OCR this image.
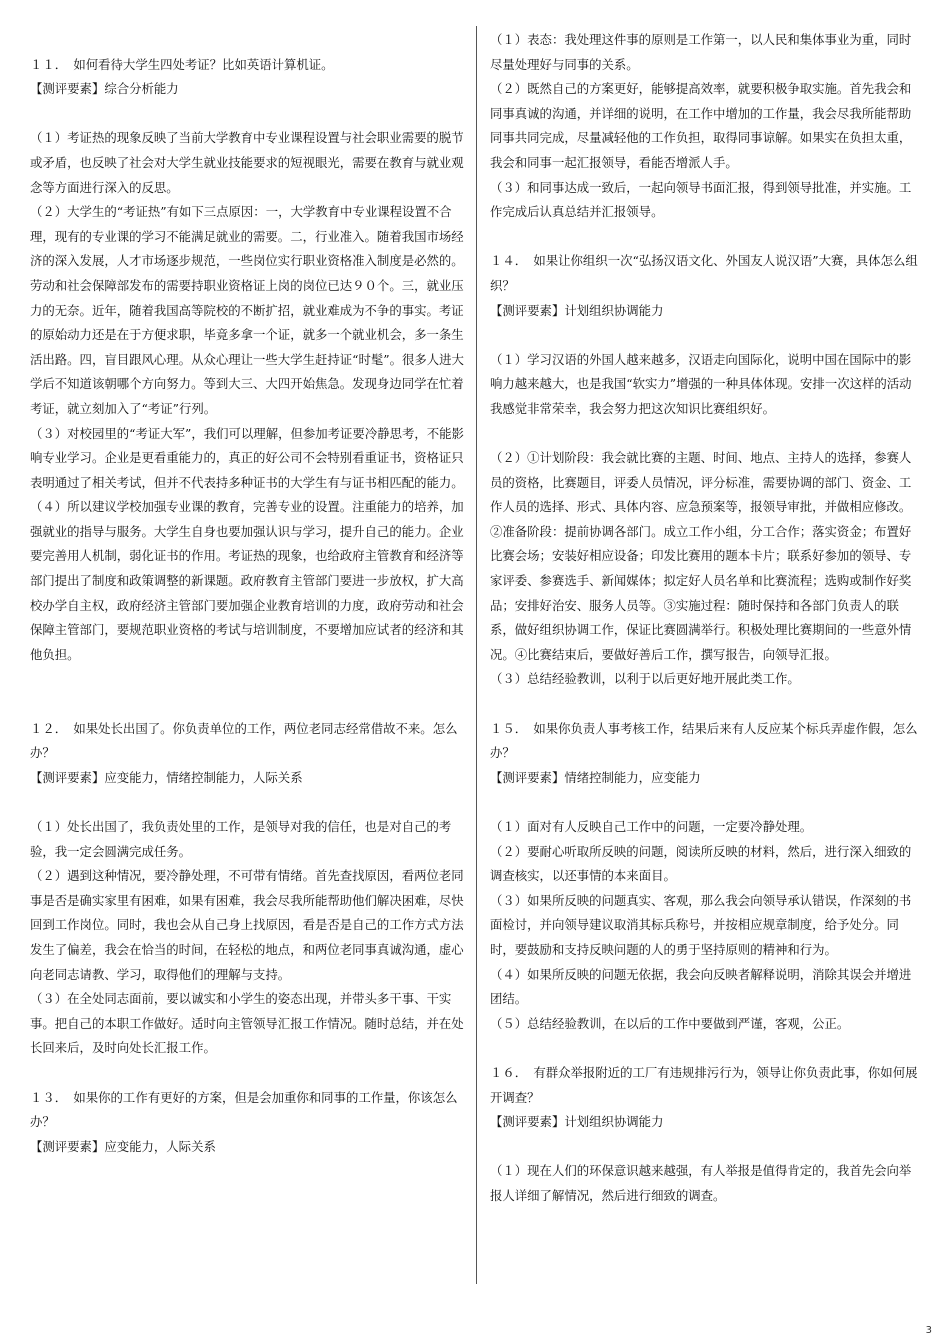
１１．　如何看待大学生四处考证？比如英语计算机证。

【测评要素】综合分析能力

（１）考证热的现象反映了当前大学教育中专业课程设置与社会职业需要的脱节或矛盾，也反映了社会对大学生就业技能要求的短视眼光，需要在教育与就业观念等方面进行深入的反思。

（２）大学生的“考证热”有如下三点原因：一，大学教育中专业课程设置不合理，现有的专业课的学习不能满足就业的需要。二，行业准入。随着我国市场经济的深入发展，人才市场逐步规范，一些岗位实行职业资格准入制度是必然的。劳动和社会保障部发布的需要持职业资格证上岗的岗位已达９０个。三，就业压力的无奈。近年，随着我国高等院校的不断扩招，就业难成为不争的事实。考证的原始动力还是在于方便求职，毕竟多拿一个证，就多一个就业机会，多一条生活出路。四，盲目跟风心理。从众心理让一些大学生赶持证“时髦”。很多人进大学后不知道该朝哪个方向努力。等到大三、大四开始焦急。发现身边同学在忙着考证，就立刻加入了“考证”行列。

（３）对校园里的“考证大军”，我们可以理解，但参加考证要冷静思考，不能影响专业学习。企业是更看重能力的，真正的好公司不会特别看重证书，资格证只表明通过了相关考试，但并不代表持多种证书的大学生有与证书相匹配的能力。

（４）所以建议学校加强专业课的教育，完善专业的设置。注重能力的培养，加强就业的指导与服务。大学生自身也要加强认识与学习，提升自己的能力。企业要完善用人机制，弱化证书的作用。考证热的现象，也给政府主管教育和经济等部门提出了制度和政策调整的新课题。政府教育主管部门要进一步放权，扩大高校办学自主权，政府经济主管部门要加强企业教育培训的力度，政府劳动和社会保障主管部门，要规范职业资格的考试与培训制度，不要增加应试者的经济和其他负担。

１２．　如果处长出国了。你负责单位的工作，两位老同志经常借故不来。怎么办？

【测评要素】应变能力，情绪控制能力，人际关系

（１）处长出国了，我负责处里的工作，是领导对我的信任，也是对自己的考验，我一定会圆满完成任务。

（２）遇到这种情况，要冷静处理，不可带有情绪。首先查找原因，看两位老同事是否是确实家里有困难，如果有困难，我会尽我所能帮助他们解决困难，尽快回到工作岗位。同时，我也会从自己身上找原因，看是否是自己的工作方式方法发生了偏差，我会在恰当的时间，在轻松的地点，和两位老同事真诚沟通，虚心向老同志请教、学习，取得他们的理解与支持。

（３）在全处同志面前，要以诚实和小学生的姿态出现，并带头多干事、干实事。把自己的本职工作做好。适时向主管领导汇报工作情况。随时总结，并在处长回来后，及时向处长汇报工作。

１３．　如果你的工作有更好的方案，但是会加重你和同事的工作量，你该怎么办？

【测评要素】应变能力，人际关系

（１）表态：我处理这件事的原则是工作第一，以人民和集体事业为重，同时尽量处理好与同事的关系。

（２）既然自己的方案更好，能够提高效率，就要积极争取实施。首先我会和同事真诚的沟通，并详细的说明，在工作中增加的工作量，我会尽我所能帮助同事共同完成，尽量减轻他的工作负担，取得同事谅解。如果实在负担太重，我会和同事一起汇报领导，看能否增派人手。

（３）和同事达成一致后，一起向领导书面汇报，得到领导批准，并实施。工作完成后认真总结并汇报领导。

１４．　如果让你组织一次“弘扬汉语文化、外国友人说汉语”大赛，具体怎么组织？

【测评要素】计划组织协调能力

（１）学习汉语的外国人越来越多，汉语走向国际化，说明中国在国际中的影响力越来越大，也是我国“软实力”增强的一种具体体现。安排一次这样的活动我感觉非常荣幸，我会努力把这次知识比赛组织好。

（２）①计划阶段：我会就比赛的主题、时间、地点、主持人的选择，参赛人员的资格，比赛题目，评委人员情况，评分标准，需要协调的部门、资金、工作人员的选择、形式、具体内容、应急预案等，报领导审批，并做相应修改。②准备阶段：提前协调各部门。成立工作小组，分工合作；落实资金；布置好比赛会场；安装好相应设备；印发比赛用的题本卡片；联系好参加的领导、专家评委、参赛选手、新闻媒体；拟定好人员名单和比赛流程；选购或制作好奖品；安排好治安、服务人员等。③实施过程：随时保持和各部门负责人的联系，做好组织协调工作，保证比赛圆满举行。积极处理比赛期间的一些意外情况。④比赛结束后，要做好善后工作，撰写报告，向领导汇报。

（３）总结经验教训，以利于以后更好地开展此类工作。

１５．　如果你负责人事考核工作，结果后来有人反应某个标兵弄虚作假，怎么办？

【测评要素】情绪控制能力，应变能力

（１）面对有人反映自己工作中的问题，一定要冷静处理。

（２）要耐心听取所反映的问题，阅读所反映的材料，然后，进行深入细致的调查核实，以还事情的本来面目。

（３）如果所反映的问题真实、客观，那么我会向领导承认错误，作深刻的书面检讨，并向领导建议取消其标兵称号，并按相应规章制度，给予处分。同时，要鼓励和支持反映问题的人的勇于坚持原则的精神和行为。

（４）如果所反映的问题无依据，我会向反映者解释说明，消除其误会并增进团结。

（５）总结经验教训，在以后的工作中要做到严谨，客观，公正。

１６．　有群众举报附近的工厂有违规排污行为，领导让你负责此事，你如何展开调查？

【测评要素】计划组织协调能力

（１）现在人们的环保意识越来越强，有人举报是值得肯定的，我首先会向举报人详细了解情况，然后进行细致的调查。

3
